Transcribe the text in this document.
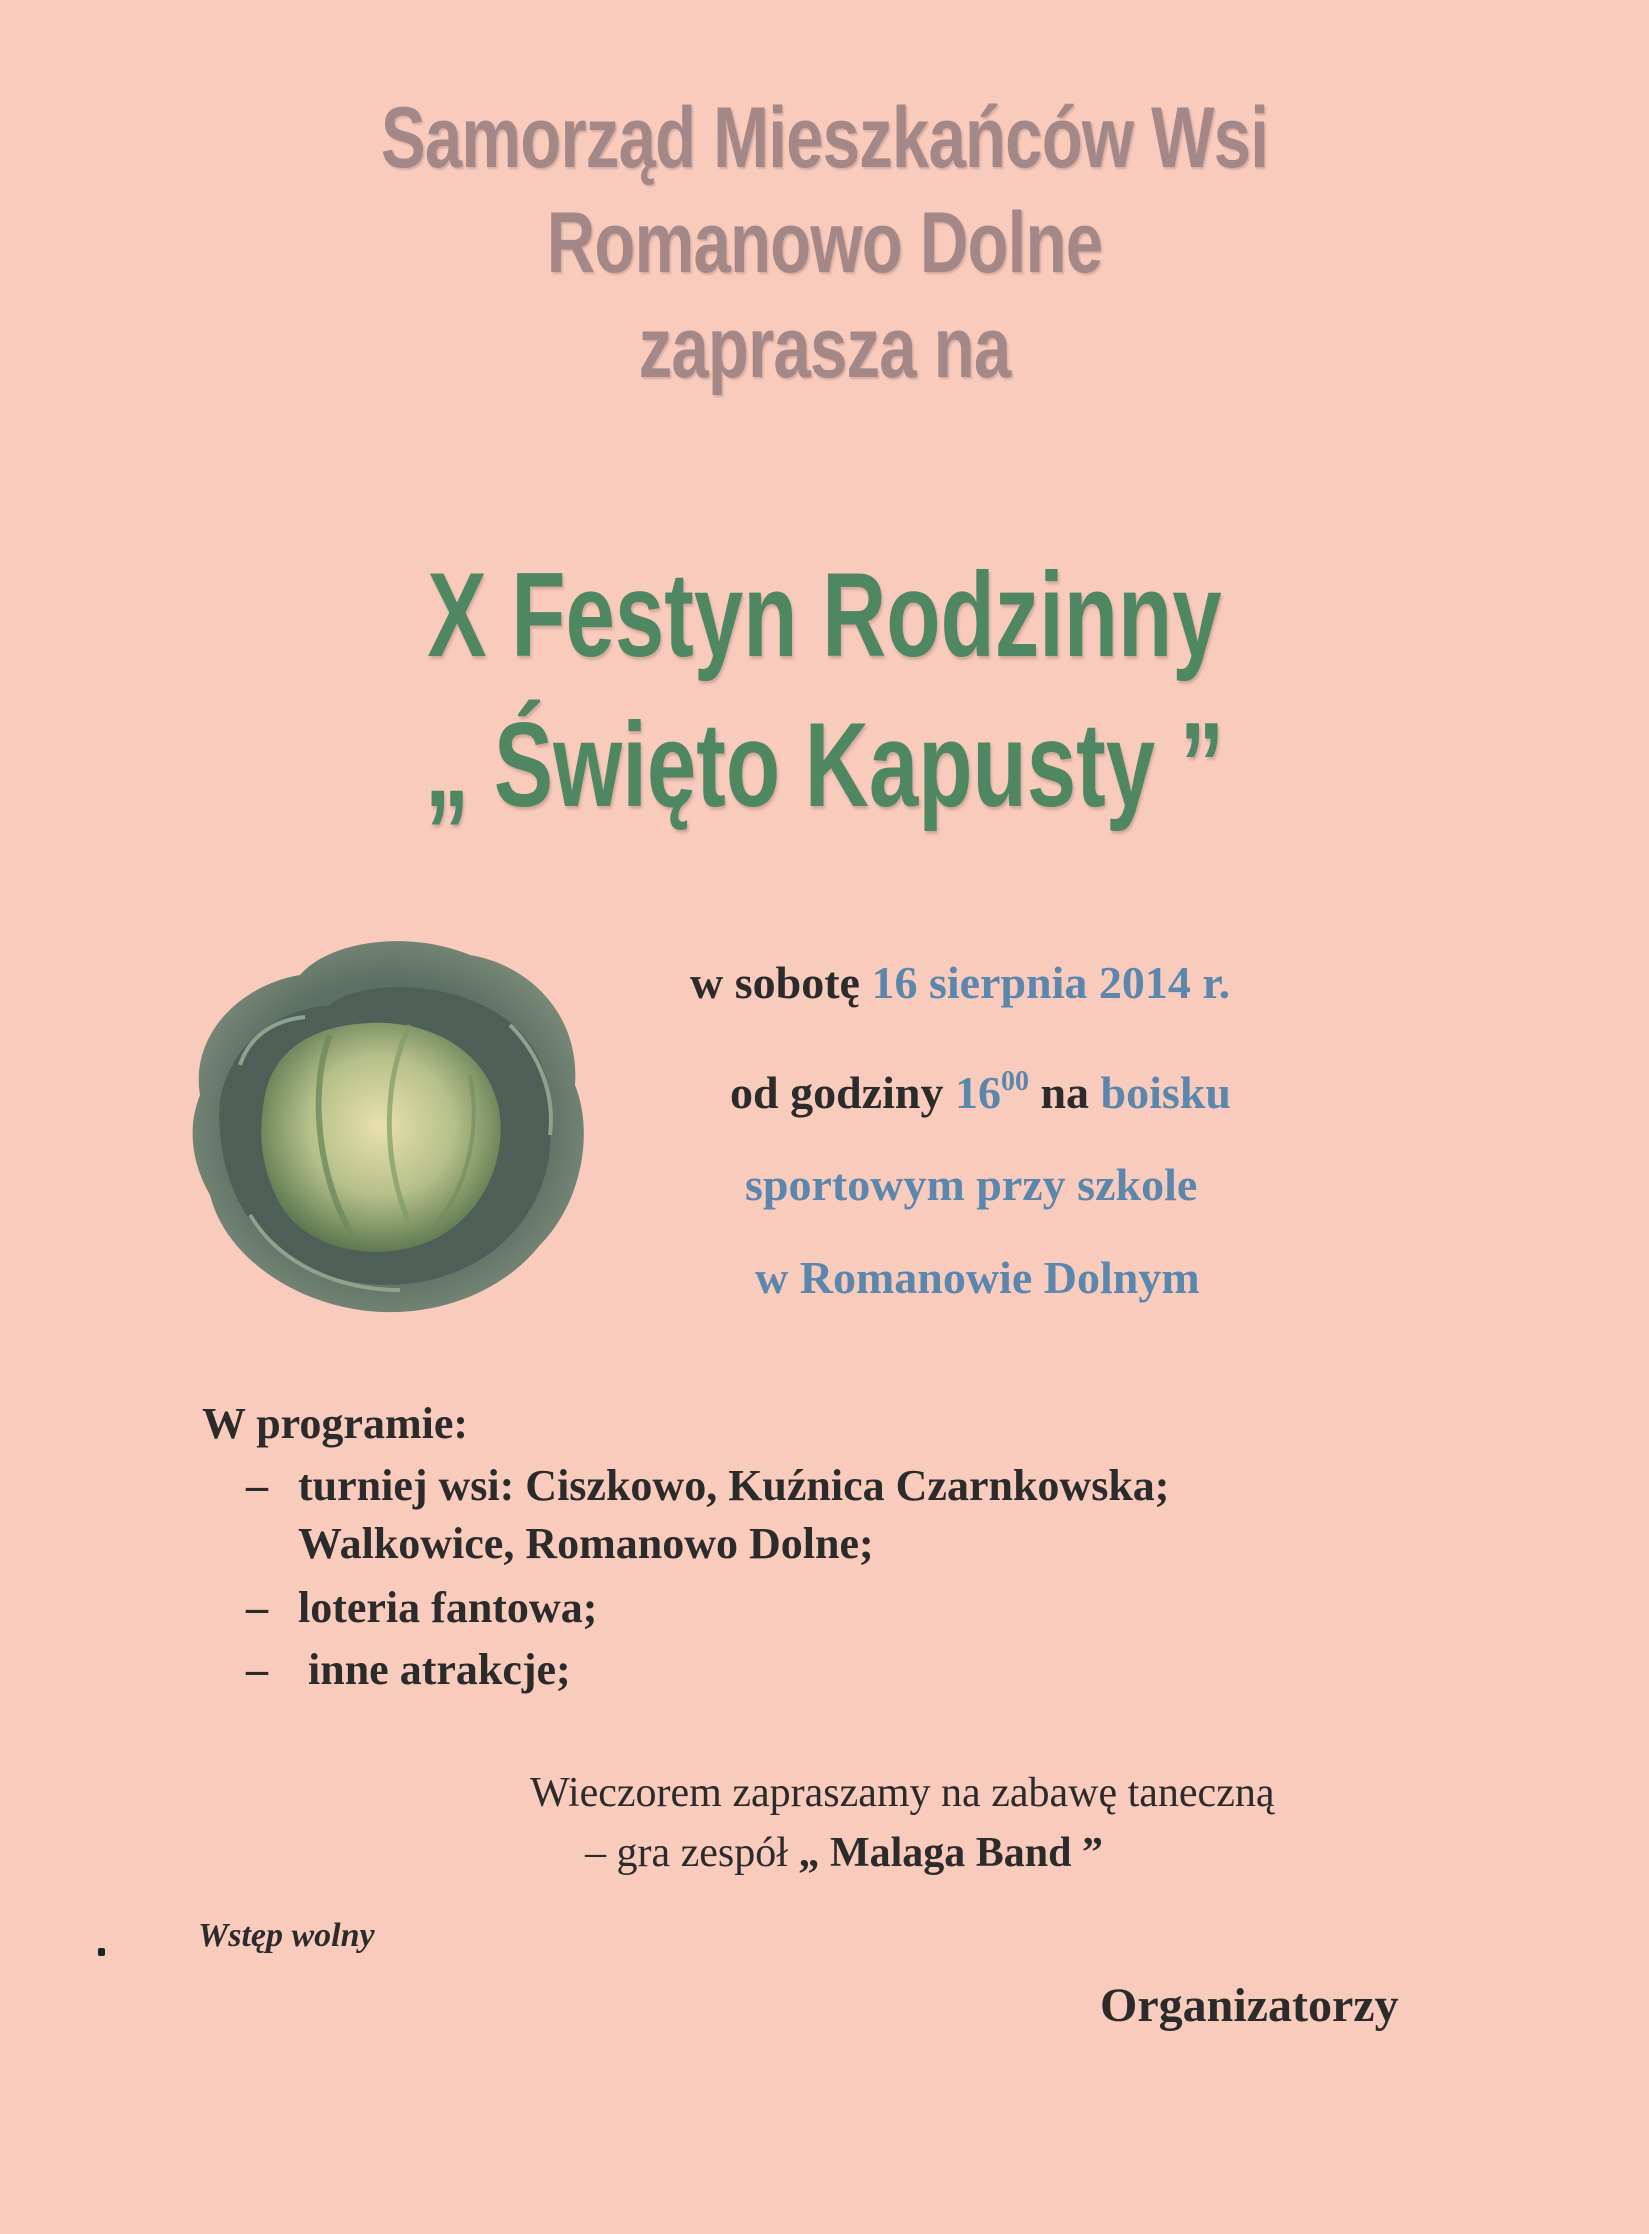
Samorząd Mieszkańców Wsi
Romanowo Dolne
zaprasza na
X Festyn Rodzinny
„ Święto Kapusty ”
w sobotę 16 sierpnia 2014 r.
od godziny $16^{00}$ na boisku
sportowym przy szkole
w Romanowie Dolnym
W programie:
– turniej wsi: Ciszkowo, Kuźnica Czarnkowska;
Walkowice, Romanowo Dolne;
– loteria fantowa;
– inne atrakcje;
Wieczorem zapraszamy na zabawę taneczną
– gra zespół „ Malaga Band ”
Wstęp wolny
Organizatorzy
